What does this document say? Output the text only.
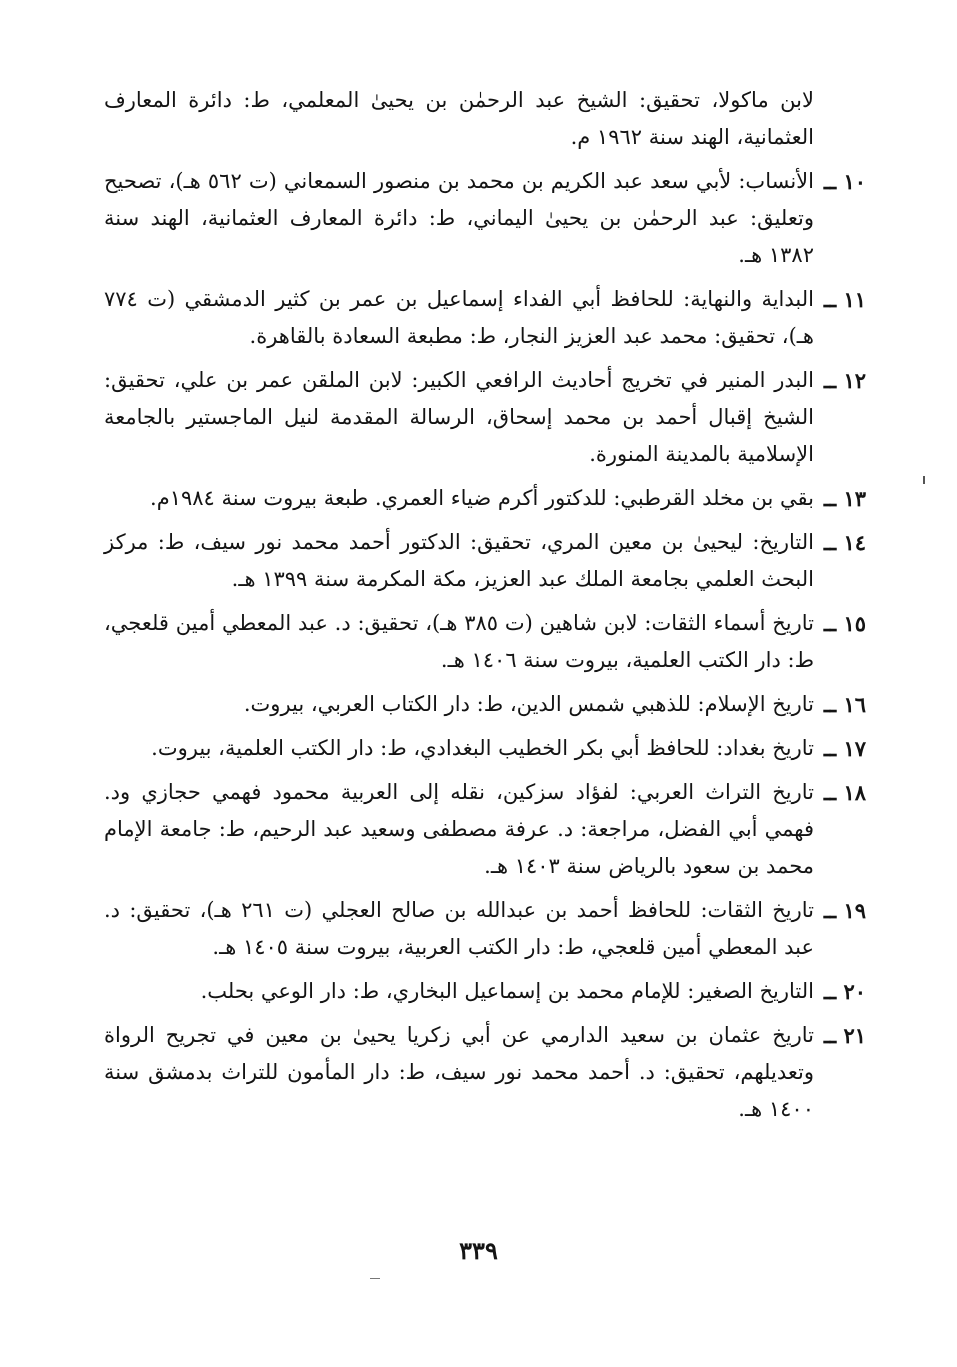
لابن ماكولا، تحقيق: الشيخ عبد الرحمٰن بن يحيىٰ المعلمي، ط: دائرة المعارف العثمانية، الهند سنة ١٩٦٢ م.
١٠ ــ
الأنساب: لأبي سعد عبد الكريم بن محمد بن منصور السمعاني (ت ٥٦٢ هـ)، تصحيح وتعليق: عبد الرحمٰن بن يحيىٰ اليماني، ط: دائرة المعارف العثمانية، الهند سنة ١٣٨٢ هـ.
١١ ــ
البداية والنهاية: للحافظ أبي الفداء إسماعيل بن عمر بن كثير الدمشقي (ت ٧٧٤ هـ)، تحقيق: محمد عبد العزيز النجار، ط: مطبعة السعادة بالقاهرة.
١٢ ــ
البدر المنير في تخريج أحاديث الرافعي الكبير: لابن الملقن عمر بن علي، تحقيق: الشيخ إقبال أحمد بن محمد إسحاق، الرسالة المقدمة لنيل الماجستير بالجامعة الإسلامية بالمدينة المنورة.
١٣ ــ
بقي بن مخلد القرطبي: للدكتور أكرم ضياء العمري. طبعة بيروت سنة ١٩٨٤م.
١٤ ــ
التاريخ: ليحيىٰ بن معين المري، تحقيق: الدكتور أحمد محمد نور سيف، ط: مركز البحث العلمي بجامعة الملك عبد العزيز، مكة المكرمة سنة ١٣٩٩ هـ.
١٥ ــ
تاريخ أسماء الثقات: لابن شاهين (ت ٣٨٥ هـ)، تحقيق: د. عبد المعطي أمين قلعجي، ط: دار الكتب العلمية، بيروت سنة ١٤٠٦ هـ.
١٦ ــ
تاريخ الإسلام: للذهبي شمس الدين، ط: دار الكتاب العربي، بيروت.
١٧ ــ
تاريخ بغداد: للحافظ أبي بكر الخطيب البغدادي، ط: دار الكتب العلمية، بيروت.
١٨ ــ
تاريخ التراث العربي: لفؤاد سزكين، نقله إلى العربية محمود فهمي حجازي ود. فهمي أبي الفضل، مراجعة: د. عرفة مصطفى وسعيد عبد الرحيم، ط: جامعة الإمام محمد بن سعود بالرياض سنة ١٤٠٣ هـ.
١٩ ــ
تاريخ الثقات: للحافظ أحمد بن عبدالله بن صالح العجلي (ت ٢٦١ هـ)، تحقيق: د. عبد المعطي أمين قلعجي، ط: دار الكتب العربية، بيروت سنة ١٤٠٥ هـ.
٢٠ ــ
التاريخ الصغير: للإمام محمد بن إسماعيل البخاري، ط: دار الوعي بحلب.
٢١ ــ
تاريخ عثمان بن سعيد الدارمي عن أبي زكريا يحيىٰ بن معين في تجريح الرواة وتعديلهم، تحقيق: د. أحمد محمد نور سيف، ط: دار المأمون للتراث بدمشق سنة ١٤٠٠ هـ.
٣٣٩
